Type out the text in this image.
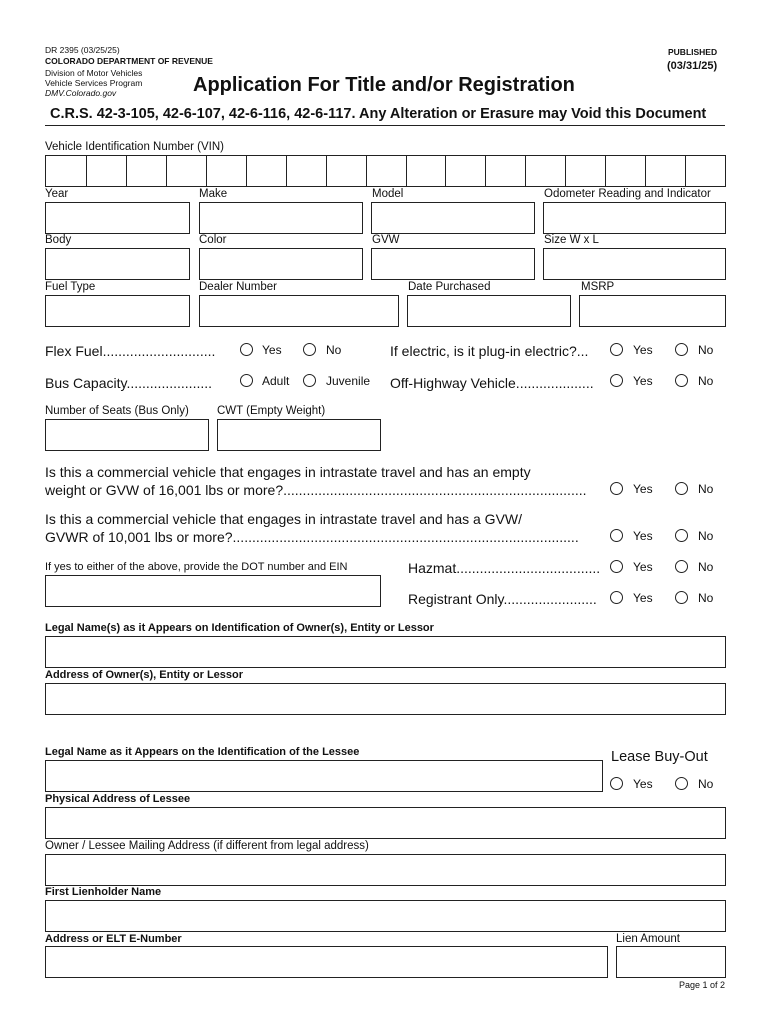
DR 2395 (03/25/25)
COLORADO DEPARTMENT OF REVENUE
Division of Motor Vehicles
Vehicle Services Program
DMV.Colorado.gov
PUBLISHED
(03/31/25)
Application For Title and/or Registration
C.R.S. 42-3-105, 42-6-107, 42-6-116, 42-6-117. Any Alteration or Erasure may Void this Document
Vehicle Identification Number (VIN)
Year	Make	Model	Odometer Reading and Indicator
Body	Color	GVW	Size W x L
Fuel Type	Dealer Number	Date Purchased	MSRP
Flex Fuel.............................	Yes	No	If electric, is it plug-in electric?...	Yes	No
Bus Capacity......................	Adult	Juvenile Off-Highway Vehicle....................	Yes	No
Number of Seats (Bus Only) CWT (Empty Weight)
Is this a commercial vehicle that engages in intrastate travel and has an empty
weight or GVW of 16,001 lbs or more?..............................................................................	Yes	No
Is this a commercial vehicle that engages in intrastate travel and has a GVW/
GVWR of 10,001 lbs or more?.........................................................................................	Yes	No
If yes to either of the above, provide the DOT number and EIN	Hazmat.....................................	Yes	No
Registrant Only........................	Yes	No
Legal Name(s) as it Appears on Identification of Owner(s), Entity or Lessor
Address of Owner(s), Entity or Lessor
Legal Name as it Appears on the Identification of the Lessee	Lease Buy-Out
Yes	No
Physical Address of Lessee
Owner / Lessee Mailing Address (if different from legal address)
First Lienholder Name
Address or ELT E-Number	Lien Amount
Page 1 of 2
